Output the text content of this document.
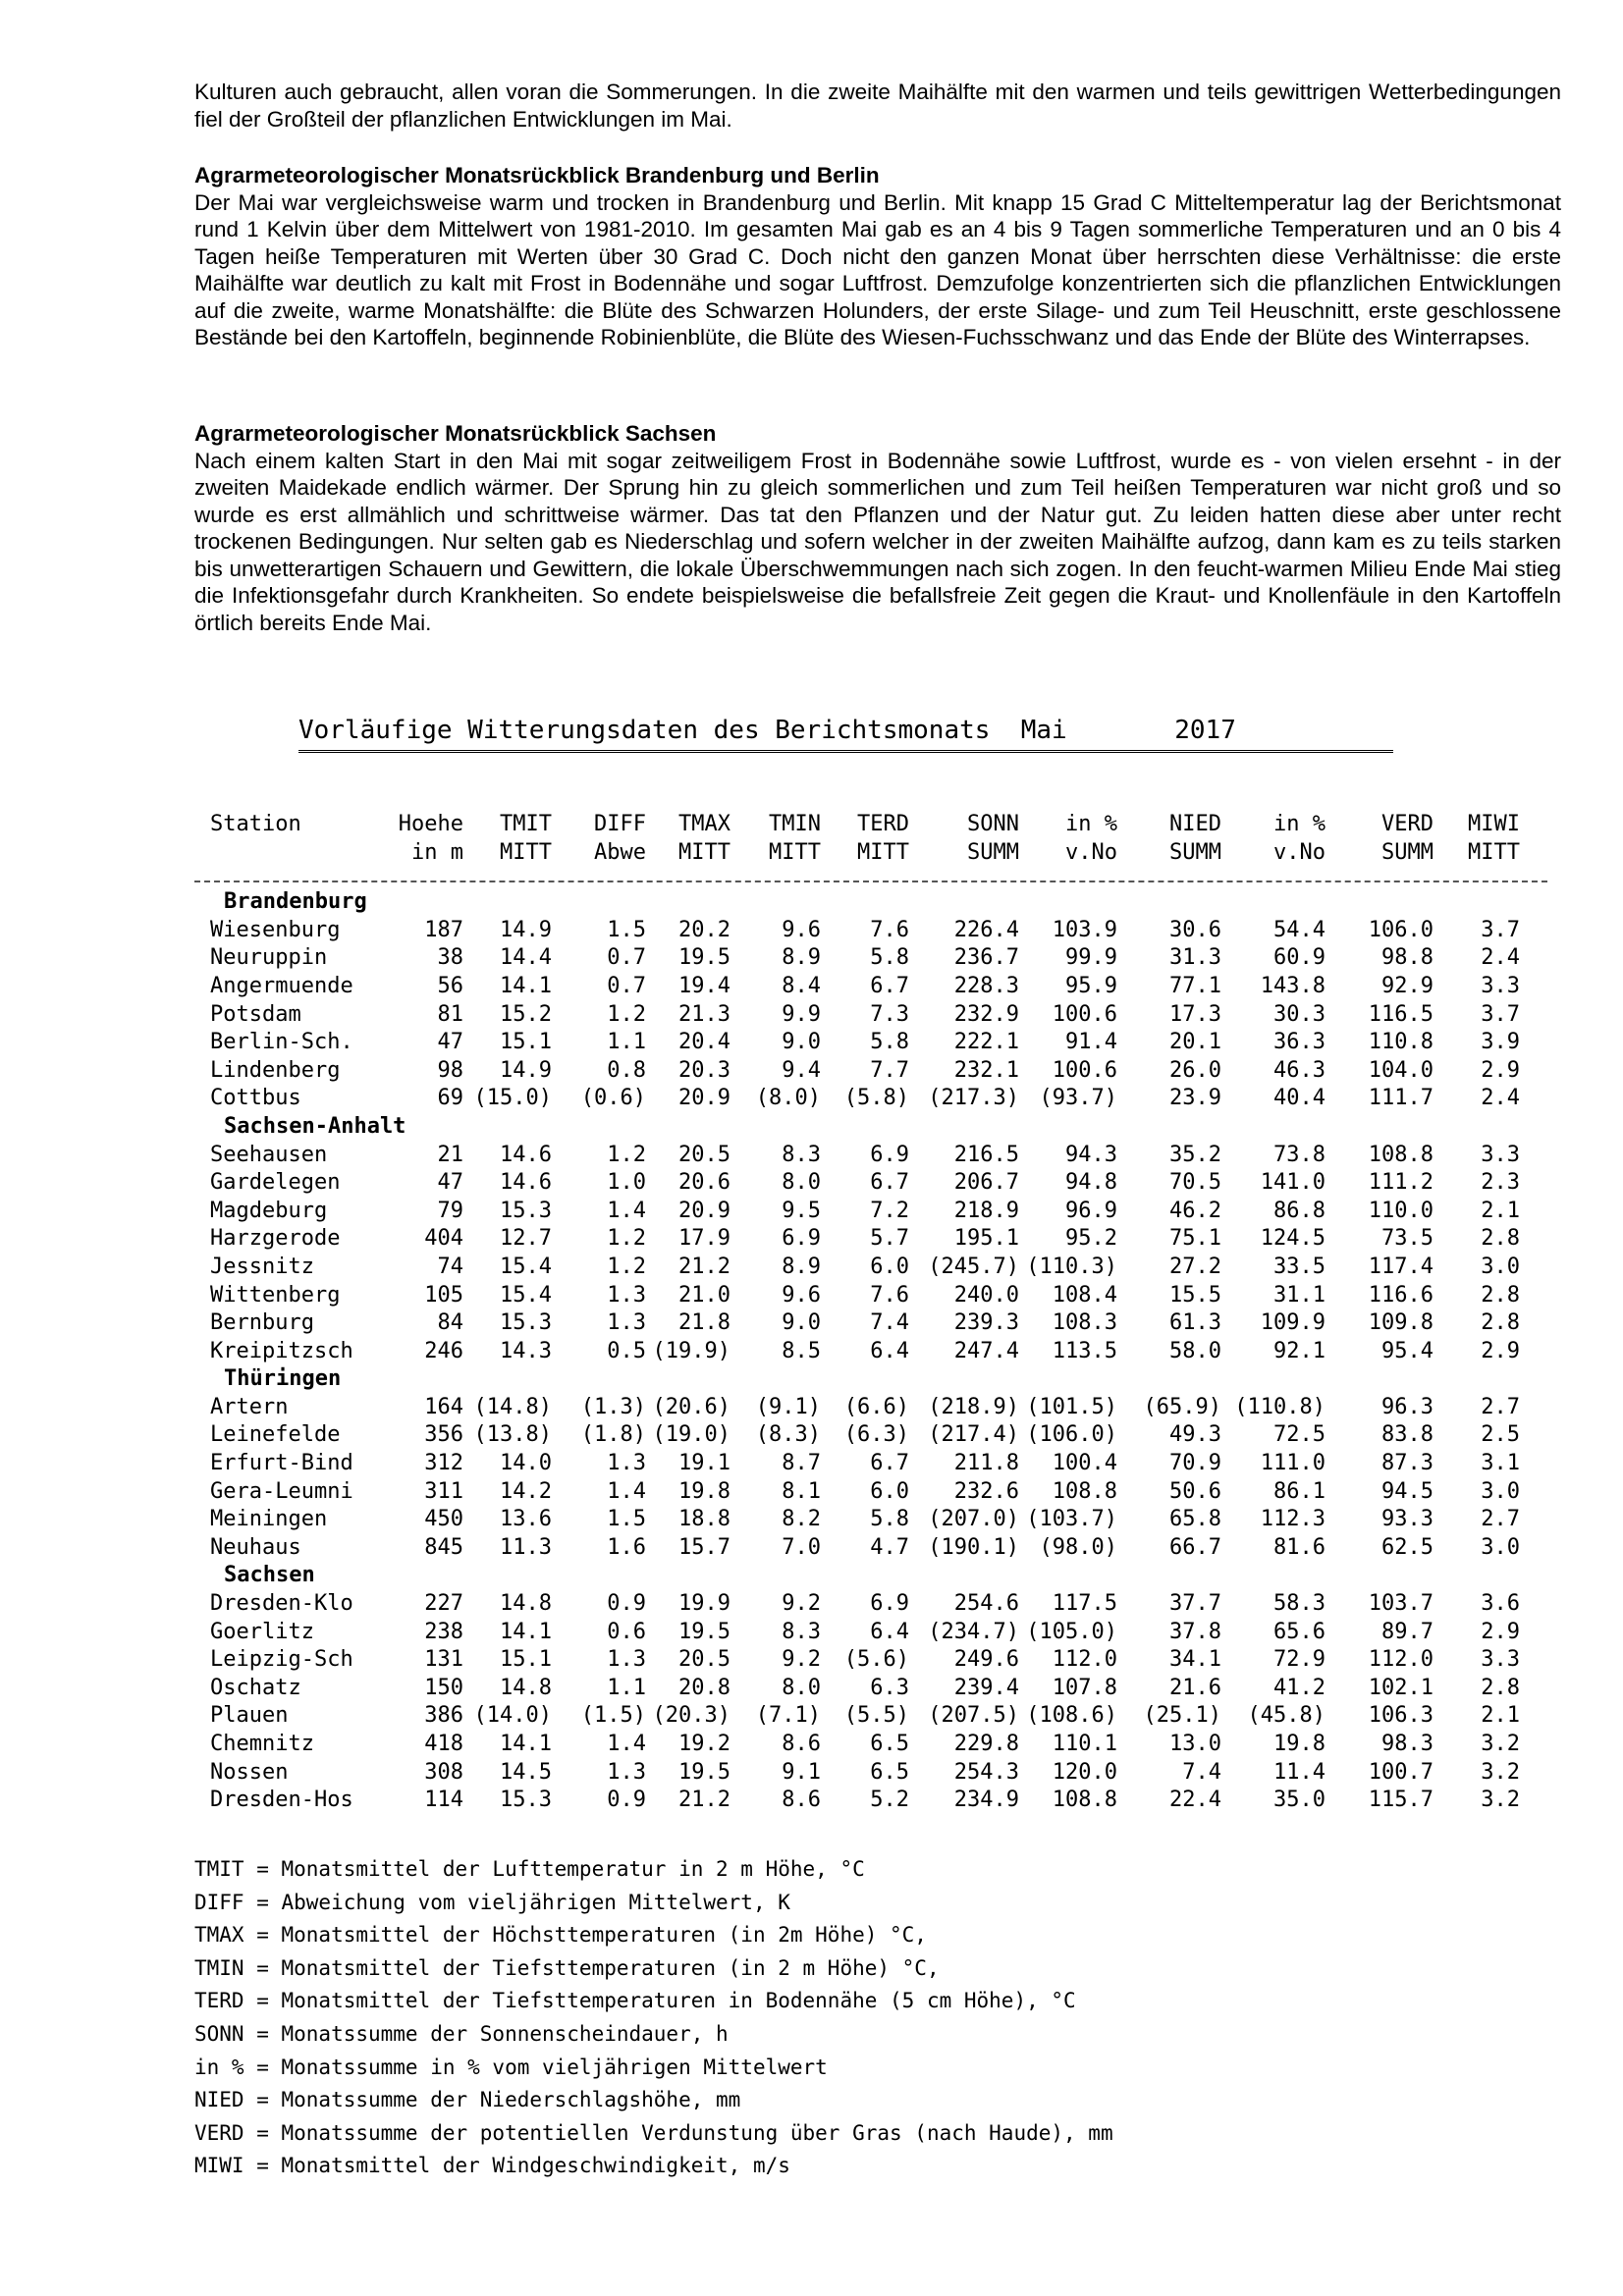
Kulturen auch gebraucht, allen voran die Sommerungen. In die zweite Maihälfte mit den warmen und teils gewittrigen Wetterbedingungen fiel der Großteil der pflanzlichen Entwicklungen im Mai.

Agrarmeteorologischer Monatsrückblick Brandenburg und Berlin

Der Mai war vergleichsweise warm und trocken in Brandenburg und Berlin. Mit knapp 15 Grad C Mitteltemperatur lag der Berichtsmonat rund 1 Kelvin über dem Mittelwert von 1981-2010. Im gesamten Mai gab es an 4 bis 9 Tagen sommerliche Temperaturen und an 0 bis 4 Tagen heiße Temperaturen mit Werten über 30 Grad C. Doch nicht den ganzen Monat über herrschten diese Verhältnisse: die erste Maihälfte war deutlich zu kalt mit Frost in Bodennähe und sogar Luftfrost. Demzufolge konzentrierten sich die pflanzlichen Entwicklungen auf die zweite, warme Monatshälfte: die Blüte des Schwarzen Holunders, der erste Silage- und zum Teil Heuschnitt, erste geschlossene Bestände bei den Kartoffeln, beginnende Robinienblüte, die Blüte des Wiesen-Fuchsschwanz und das Ende der Blüte des Winterrapses.

Agrarmeteorologischer Monatsrückblick Sachsen

Nach einem kalten Start in den Mai mit sogar zeitweiligem Frost in Bodennähe sowie Luftfrost, wurde es - von vielen ersehnt - in der zweiten Maidekade endlich wärmer. Der Sprung hin zu gleich sommerlichen und zum Teil heißen Temperaturen war nicht groß und so wurde es erst allmählich und schrittweise wärmer. Das tat den Pflanzen und der Natur gut. Zu leiden hatten diese aber unter recht trockenen Bedingungen. Nur selten gab es Niederschlag und sofern welcher in der zweiten Maihälfte aufzog, dann kam es zu teils starken bis unwetterartigen Schauern und Gewittern, die lokale Überschwemmungen nach sich zogen. In den feucht-warmen Milieu Ende Mai stieg die Infektionsgefahr durch Krankheiten. So endete beispielsweise die befallsfreie Zeit gegen die Kraut- und Knollenfäule in den Kartoffeln örtlich bereits Ende Mai.

Vorläufige Witterungsdaten des Berichtsmonats  Mai       2017
Station	Hoehe TMIT DIFF TMAX TMIN TERD	SONN in % NIED in %	VERD MIWI
in m MITT Abwe MITT MITT MITT	SUMM v.No SUMM v.No	SUMM MITT
Brandenburg
Wiesenburg	187 14.9	1.5 20.2 9.6 7.6 226.4 103.9 30.6 54.4 106.0 3.7
Neuruppin	38 14.4	0.7 19.5 8.9 5.8 236.7 99.9 31.3 60.9	98.8 2.4
Angermuende	56 14.1	0.7 19.4 8.4 6.7 228.3 95.9 77.1 143.8	92.9 3.3
Potsdam	81 15.2	1.2 21.3 9.9 7.3 232.9 100.6 17.3 30.3 116.5 3.7
Berlin-Sch.	47 15.1	1.1 20.4 9.0 5.8 222.1 91.4 20.1 36.3 110.8 3.9
Lindenberg	98 14.9	0.8 20.3 9.4 7.7 232.1 100.6 26.0 46.3 104.0 2.9
Cottbus	69 (15.0) (0.6) 20.9 (8.0) (5.8) (217.3) (93.7) 23.9 40.4 111.7 2.4
Sachsen-Anhalt
Seehausen	21 14.6	1.2 20.5 8.3 6.9 216.5 94.3 35.2 73.8 108.8 3.3
Gardelegen	47 14.6	1.0 20.6 8.0 6.7 206.7 94.8 70.5 141.0 111.2 2.3
Magdeburg	79 15.3	1.4 20.9 9.5 7.2 218.9 96.9 46.2 86.8 110.0 2.1
Harzgerode	404 12.7	1.2 17.9 6.9 5.7 195.1 95.2 75.1 124.5	73.5 2.8
Jessnitz	74 15.4	1.2 21.2 8.9 6.0 (245.7) (110.3) 27.2 33.5 117.4 3.0
Wittenberg	105 15.4	1.3 21.0 9.6 7.6 240.0 108.4 15.5 31.1 116.6 2.8
Bernburg	84 15.3	1.3 21.8 9.0 7.4 239.3 108.3 61.3 109.9 109.8 2.8
Kreipitzsch	246 14.3	0.5 (19.9) 8.5 6.4 247.4 113.5 58.0 92.1	95.4 2.9
Thüringen
Artern	164 (14.8) (1.3) (20.6) (9.1) (6.6) (218.9) (101.5) (65.9) (110.8)	96.3 2.7
Leinefelde	356 (13.8) (1.8) (19.0) (8.3) (6.3) (217.4) (106.0) 49.3 72.5	83.8 2.5
Erfurt-Bind	312 14.0	1.3 19.1 8.7 6.7 211.8 100.4 70.9 111.0	87.3 3.1
Gera-Leumni	311 14.2	1.4 19.8 8.1 6.0 232.6 108.8 50.6 86.1	94.5 3.0
Meiningen	450 13.6	1.5 18.8 8.2 5.8 (207.0) (103.7) 65.8 112.3	93.3 2.7
Neuhaus	845 11.3	1.6 15.7 7.0 4.7 (190.1) (98.0) 66.7 81.6	62.5 3.0
Sachsen
Dresden-Klo	227 14.8	0.9 19.9 9.2 6.9 254.6 117.5 37.7 58.3 103.7 3.6
Goerlitz	238 14.1	0.6 19.5 8.3 6.4 (234.7) (105.0) 37.8 65.6	89.7 2.9
Leipzig-Sch	131 15.1	1.3 20.5 9.2 (5.6) 249.6 112.0 34.1 72.9 112.0 3.3
Oschatz	150 14.8	1.1 20.8 8.0 6.3 239.4 107.8 21.6 41.2 102.1 2.8
Plauen	386 (14.0) (1.5) (20.3) (7.1) (5.5) (207.5) (108.6) (25.1) (45.8) 106.3 2.1
Chemnitz	418 14.1	1.4 19.2 8.6 6.5 229.8 110.1 13.0 19.8	98.3 3.2
Nossen	308 14.5	1.3 19.5 9.1 6.5 254.3 120.0	7.4 11.4 100.7 3.2
Dresden-Hos	114 15.3	0.9 21.2 8.6 5.2 234.9 108.8 22.4 35.0 115.7 3.2
TMIT = Monatsmittel der Lufttemperatur in 2 m Höhe, °C
DIFF = Abweichung vom vieljährigen Mittelwert, K
TMAX = Monatsmittel der Höchsttemperaturen (in 2m Höhe) °C,
TMIN = Monatsmittel der Tiefsttemperaturen (in 2 m Höhe) °C,
TERD = Monatsmittel der Tiefsttemperaturen in Bodennähe (5 cm Höhe), °C
SONN = Monatssumme der Sonnenscheindauer, h
in % = Monatssumme in % vom vieljährigen Mittelwert
NIED = Monatssumme der Niederschlagshöhe, mm
VERD = Monatssumme der potentiellen Verdunstung über Gras (nach Haude), mm
MIWI = Monatsmittel der Windgeschwindigkeit, m/s
